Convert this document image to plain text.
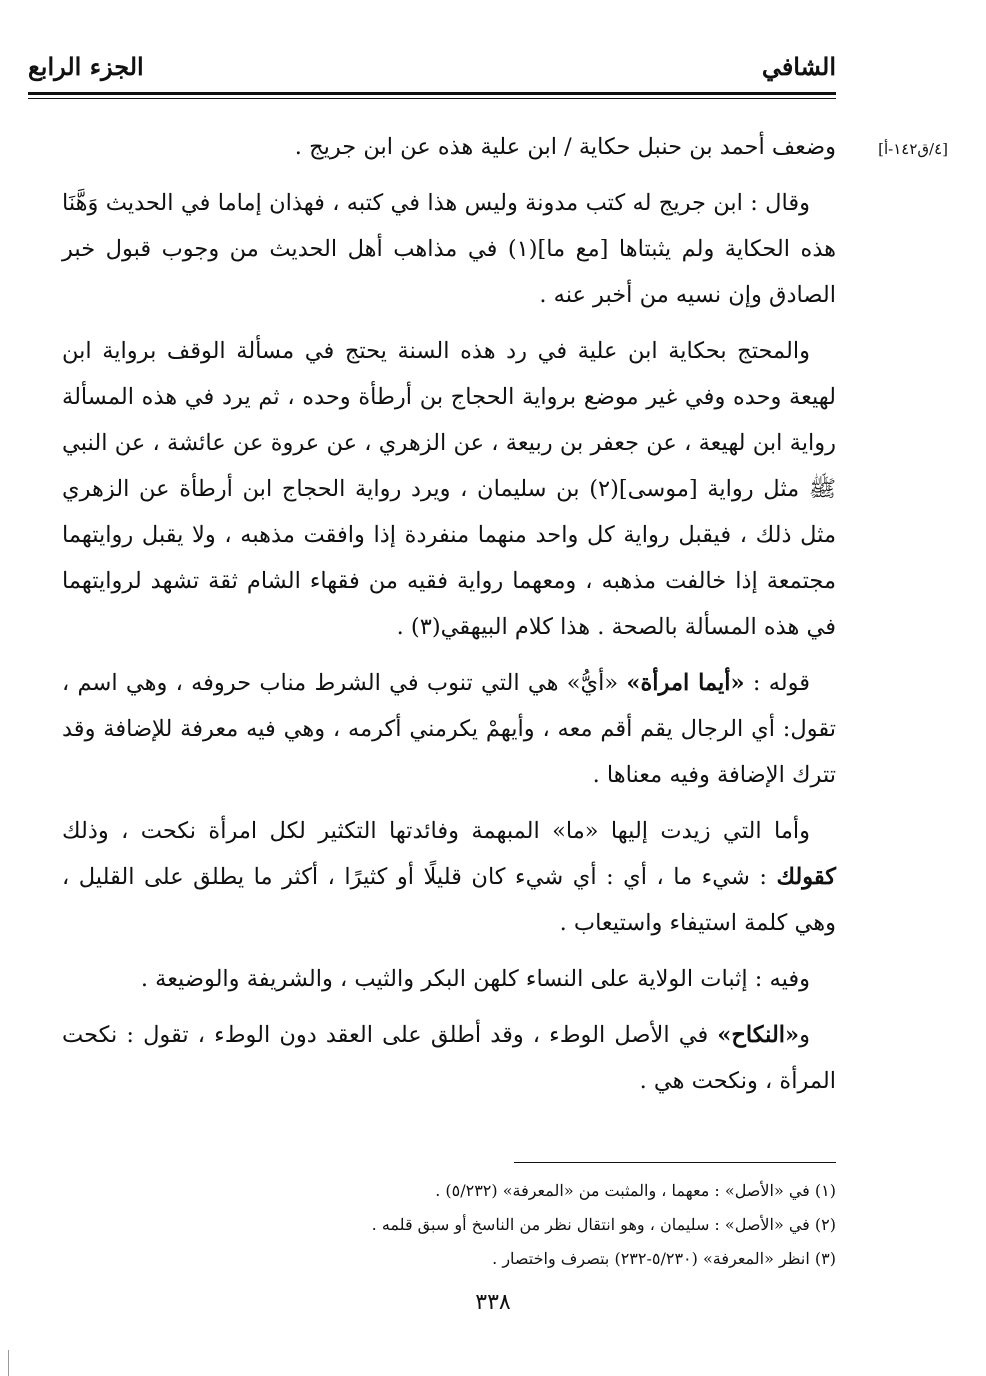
الشافي
الجزء الرابع
[٤/ق١٤٢-أ]

وضعف أحمد بن حنبل حكاية / ابن علية هذه عن ابن جريج .

وقال : ابن جريج له كتب مدونة وليس هذا في كتبه ، فهذان إماما في الحديث وَهَّنَا هذه الحكاية ولم يثبتاها [مع ما](١) في مذاهب أهل الحديث من وجوب قبول خبر الصادق وإن نسيه من أخبر عنه .

والمحتج بحكاية ابن علية في رد هذه السنة يحتج في مسألة الوقف برواية ابن لهيعة وحده وفي غير موضع برواية الحجاج بن أرطأة وحده ، ثم يرد في هذه المسألة رواية ابن لهيعة ، عن جعفر بن ربيعة ، عن الزهري ، عن عروة عن عائشة ، عن النبي ﷺ مثل رواية [موسى](٢) بن سليمان ، ويرد رواية الحجاج ابن أرطأة عن الزهري مثل ذلك ، فيقبل رواية كل واحد منهما منفردة إذا وافقت مذهبه ، ولا يقبل روايتهما مجتمعة إذا خالفت مذهبه ، ومعهما رواية فقيه من فقهاء الشام ثقة تشهد لروايتهما في هذه المسألة بالصحة . هذا كلام البيهقي(٣) .

قوله : «أيما امرأة» «أيُّ» هي التي تنوب في الشرط مناب حروفه ، وهي اسم ، تقول: أي الرجال يقم أقم معه ، وأيهمْ يكرمني أكرمه ، وهي فيه معرفة للإضافة وقد تترك الإضافة وفيه معناها .

وأما التي زيدت إليها «ما» المبهمة وفائدتها التكثير لكل امرأة نكحت ، وذلك كقولك : شيء ما ، أي : أي شيء كان قليلًا أو كثيرًا ، أكثر ما يطلق على القليل ، وهي كلمة استيفاء واستيعاب .

وفيه : إثبات الولاية على النساء كلهن البكر والثيب ، والشريفة والوضيعة .

و«النكاح» في الأصل الوطء ، وقد أطلق على العقد دون الوطء ، تقول : نكحت المرأة ، ونكحت هي .

(١) في «الأصل» : معهما ، والمثبت من «المعرفة» (٥/٢٣٢) .
(٢) في «الأصل» : سليمان ، وهو انتقال نظر من الناسخ أو سبق قلمه .
(٣) انظر «المعرفة» (٥/٢٣٠-٢٣٢) بتصرف واختصار .
٣٣٨
